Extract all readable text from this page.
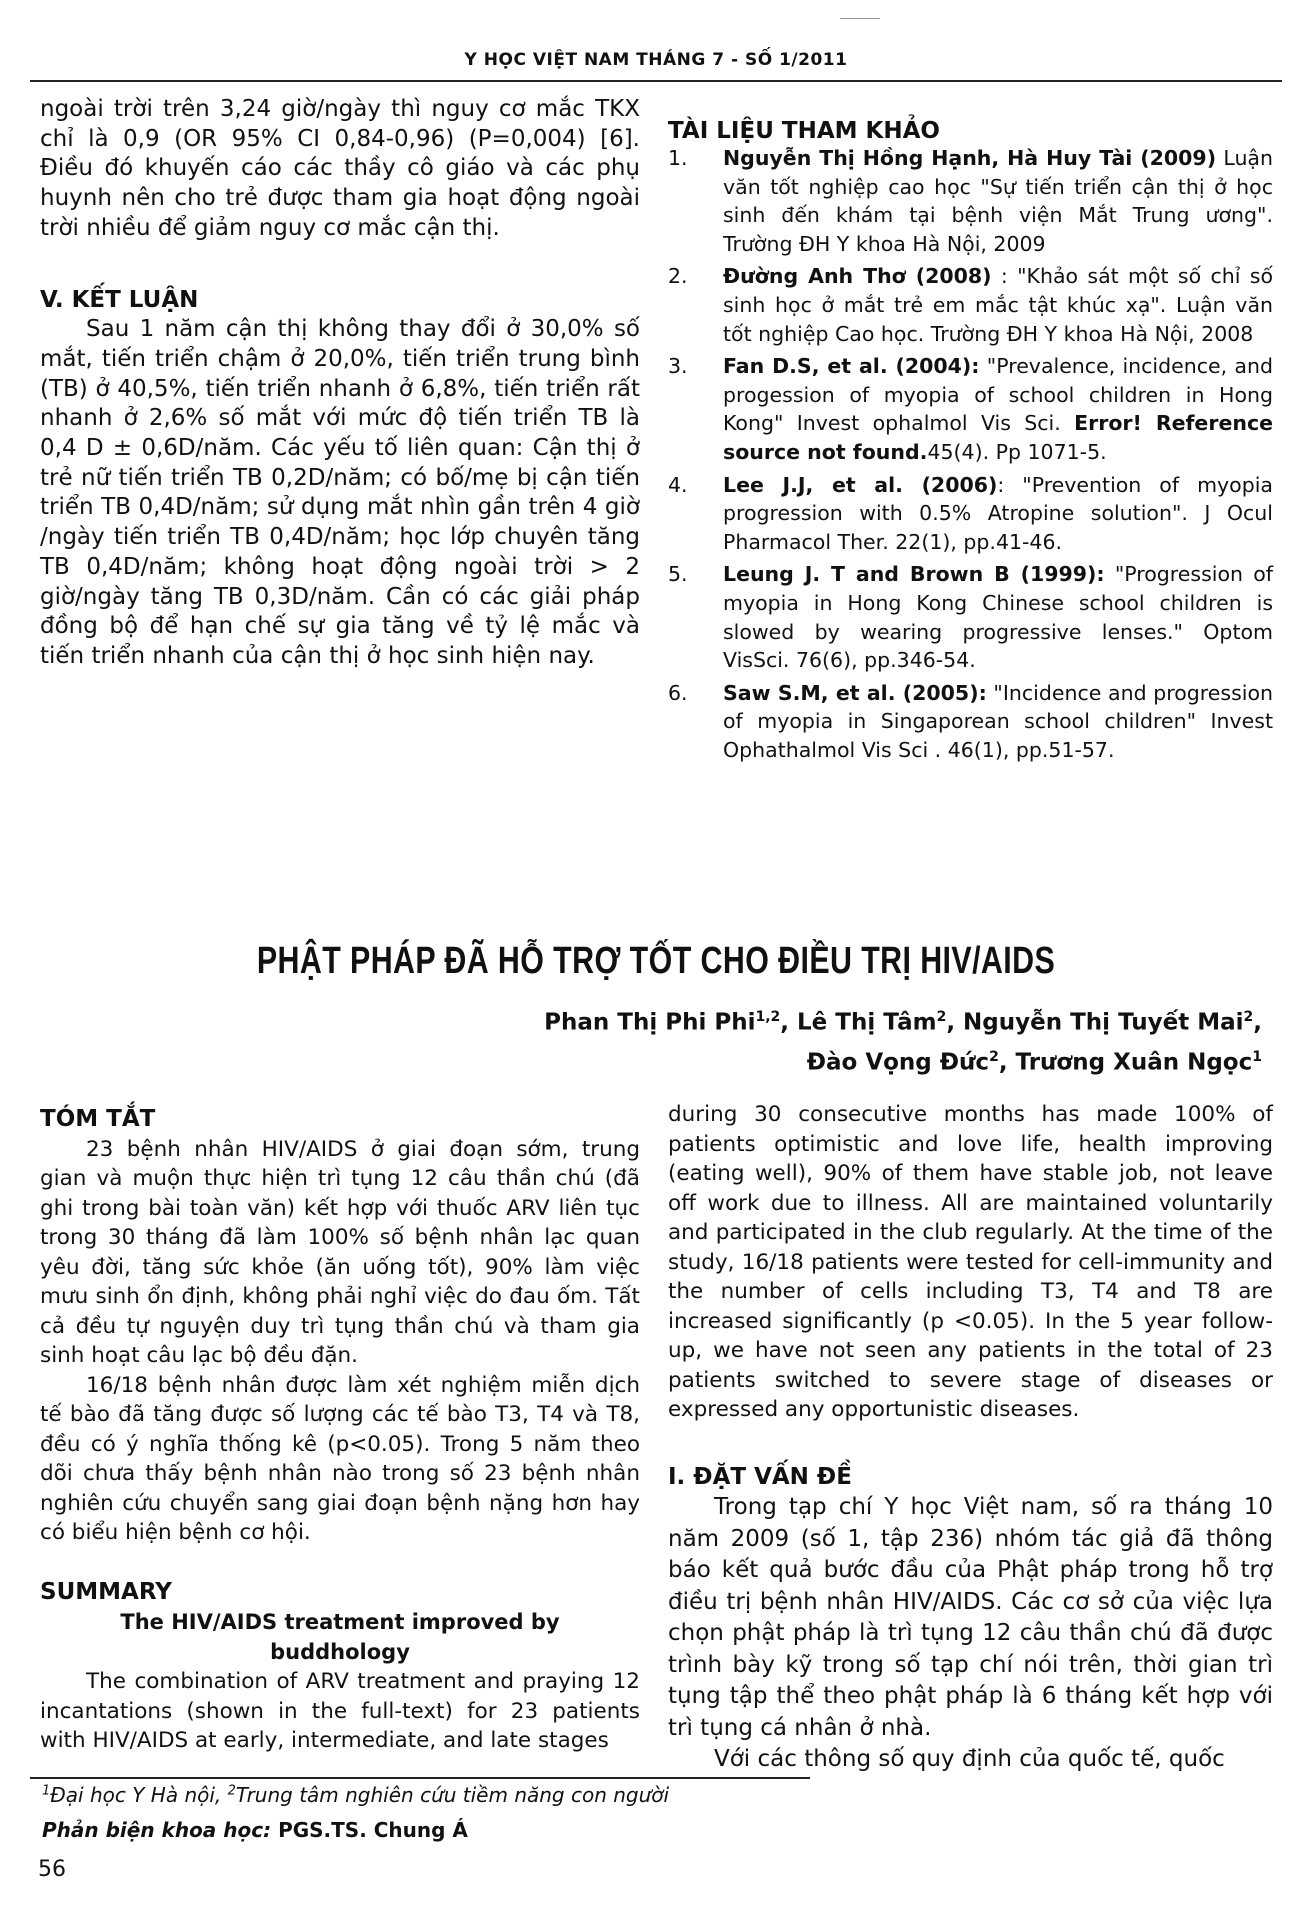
Y HỌC VIỆT NAM THÁNG 7 - SỐ 1/2011

ngoài trời trên 3,24 giờ/ngày thì nguy cơ mắc TKX chỉ là 0,9 (OR 95% CI 0,84-0,96) (P=0,004) [6]. Điều đó khuyến cáo các thầy cô giáo và các phụ huynh nên cho trẻ được tham gia hoạt động ngoài trời nhiều để giảm nguy cơ mắc cận thị.

V. KẾT LUẬN

Sau 1 năm cận thị không thay đổi ở 30,0% số mắt, tiến triển chậm ở 20,0%, tiến triển trung bình (TB) ở 40,5%, tiến triển nhanh ở 6,8%, tiến triển rất nhanh ở 2,6% số mắt với mức độ tiến triển TB là 0,4 D ± 0,6D/năm. Các yếu tố liên quan: Cận thị ở trẻ nữ tiến triển TB 0,2D/năm; có bố/mẹ bị cận tiến triển TB 0,4D/năm; sử dụng mắt nhìn gần trên 4 giờ /ngày tiến triển TB 0,4D/năm; học lớp chuyên tăng TB 0,4D/năm; không hoạt động ngoài trời > 2 giờ/ngày tăng TB 0,3D/năm. Cần có các giải pháp đồng bộ để hạn chế sự gia tăng về tỷ lệ mắc và tiến triển nhanh của cận thị ở học sinh hiện nay.

TÀI LIỆU THAM KHẢO

1.	Nguyễn Thị Hồng Hạnh, Hà Huy Tài (2009) Luận văn tốt nghiệp cao học "Sự tiến triển cận thị ở học sinh đến khám tại bệnh viện Mắt Trung ương". Trường ĐH Y khoa Hà Nội, 2009
2.	Đường Anh Thơ (2008) : "Khảo sát một số chỉ số sinh học ở mắt trẻ em mắc tật khúc xạ". Luận văn tốt nghiệp Cao học. Trường ĐH Y khoa Hà Nội, 2008
3.	Fan D.S, et al. (2004): "Prevalence, incidence, and progession of myopia of school children in Hong Kong" Invest ophalmol Vis Sci. Error! Reference source not found.45(4). Pp 1071-5.
4.	Lee J.J, et al. (2006): "Prevention of myopia progression with 0.5% Atropine solution". J Ocul Pharmacol Ther. 22(1), pp.41-46.
5.	Leung J. T and Brown B (1999): "Progression of myopia in Hong Kong Chinese school children is slowed by wearing progressive lenses." Optom VisSci. 76(6), pp.346-54.
6.	Saw S.M, et al. (2005): "Incidence and progression of myopia in Singaporean school children" Invest Ophathalmol Vis Sci . 46(1), pp.51-57.
PHẬT PHÁP ĐÃ HỖ TRỢ TỐT CHO ĐIỀU TRỊ HIV/AIDS
Phan Thị Phi Phi$^{1,2}$, Lê Thị Tâm$^2$, Nguyễn Thị Tuyết Mai$^2$,
Đào Vọng Đức$^2$, Trương Xuân Ngọc$^1$

TÓM TẮT

23 bệnh nhân HIV/AIDS ở giai đoạn sớm, trung gian và muộn thực hiện trì tụng 12 câu thần chú (đã ghi trong bài toàn văn) kết hợp với thuốc ARV liên tục trong 30 tháng đã làm 100% số bệnh nhân lạc quan yêu đời, tăng sức khỏe (ăn uống tốt), 90% làm việc mưu sinh ổn định, không phải nghỉ việc do đau ốm. Tất cả đều tự nguyện duy trì tụng thần chú và tham gia sinh hoạt câu lạc bộ đều đặn.

16/18 bệnh nhân được làm xét nghiệm miễn dịch tế bào đã tăng được số lượng các tế bào T3, T4 và T8, đều có ý nghĩa thống kê (p<0.05). Trong 5 năm theo dõi chưa thấy bệnh nhân nào trong số 23 bệnh nhân nghiên cứu chuyển sang giai đoạn bệnh nặng hơn hay có biểu hiện bệnh cơ hội.

SUMMARY

The HIV/AIDS treatment improved by buddhology

The combination of ARV treatment and praying 12 incantations (shown in the full-text) for 23 patients with HIV/AIDS at early, intermediate, and late stages

during 30 consecutive months has made 100% of patients optimistic and love life, health improving (eating well), 90% of them have stable job, not leave off work due to illness. All are maintained voluntarily and participated in the club regularly. At the time of the study, 16/18 patients were tested for cell-immunity and the number of cells including T3, T4 and T8 are increased significantly (p <0.05). In the 5 year follow-up, we have not seen any patients in the total of 23 patients switched to severe stage of diseases or expressed any opportunistic diseases.

I. ĐẶT VẤN ĐỀ

Trong tạp chí Y học Việt nam, số ra tháng 10 năm 2009 (số 1, tập 236) nhóm tác giả đã thông báo kết quả bước đầu của Phật pháp trong hỗ trợ điều trị bệnh nhân HIV/AIDS. Các cơ sở của việc lựa chọn phật pháp là trì tụng 12 câu thần chú đã được trình bày kỹ trong số tạp chí nói trên, thời gian trì tụng tập thể theo phật pháp là 6 tháng kết hợp với trì tụng cá nhân ở nhà.

Với các thông số quy định của quốc tế, quốc

$^1$Đại học Y Hà nội, $^2$Trung tâm nghiên cứu tiềm năng con người
Phản biện khoa học: PGS.TS. Chung Á
56
